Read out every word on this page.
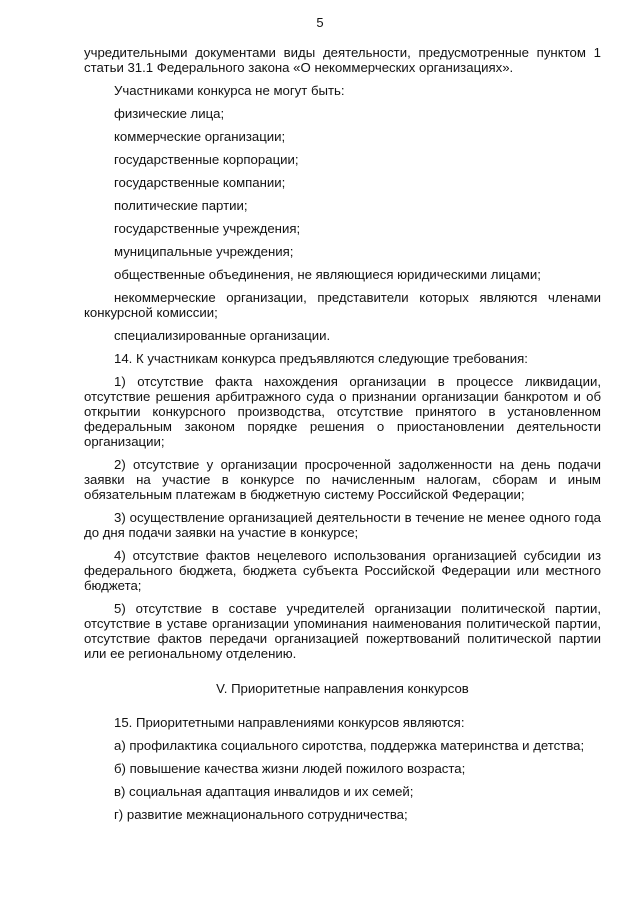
5

учредительными документами виды деятельности, предусмотренные пунктом 1 статьи 31.1 Федерального закона «О некоммерческих организациях».

Участниками конкурса не могут быть:

физические лица;

коммерческие организации;

государственные корпорации;

государственные компании;

политические партии;

государственные учреждения;

муниципальные учреждения;

общественные объединения, не являющиеся юридическими лицами;

некоммерческие организации, представители которых являются членами конкурсной комиссии;

специализированные организации.

14. К участникам конкурса предъявляются следующие требования:

1) отсутствие факта нахождения организации в процессе ликвидации, отсутствие решения арбитражного суда о признании организации банкротом и об открытии конкурсного производства, отсутствие принятого в установленном федеральным законом порядке решения о приостановлении деятельности организации;

2) отсутствие у организации просроченной задолженности на день подачи заявки на участие в конкурсе по начисленным налогам, сборам и иным обязательным платежам в бюджетную систему Российской Федерации;

3) осуществление организацией деятельности в течение не менее одного года до дня подачи заявки на участие в конкурсе;

4) отсутствие фактов нецелевого использования организацией субсидии из федерального бюджета, бюджета субъекта Российской Федерации или местного бюджета;

5) отсутствие в составе учредителей организации политической партии, отсутствие в уставе организации упоминания наименования политической партии, отсутствие фактов передачи организацией пожертвований политической партии или ее региональному отделению.

V. Приоритетные направления конкурсов

15. Приоритетными направлениями конкурсов являются:

а) профилактика социального сиротства, поддержка материнства и детства;

б) повышение качества жизни людей пожилого возраста;

в) социальная адаптация инвалидов и их семей;

г) развитие межнационального сотрудничества;
